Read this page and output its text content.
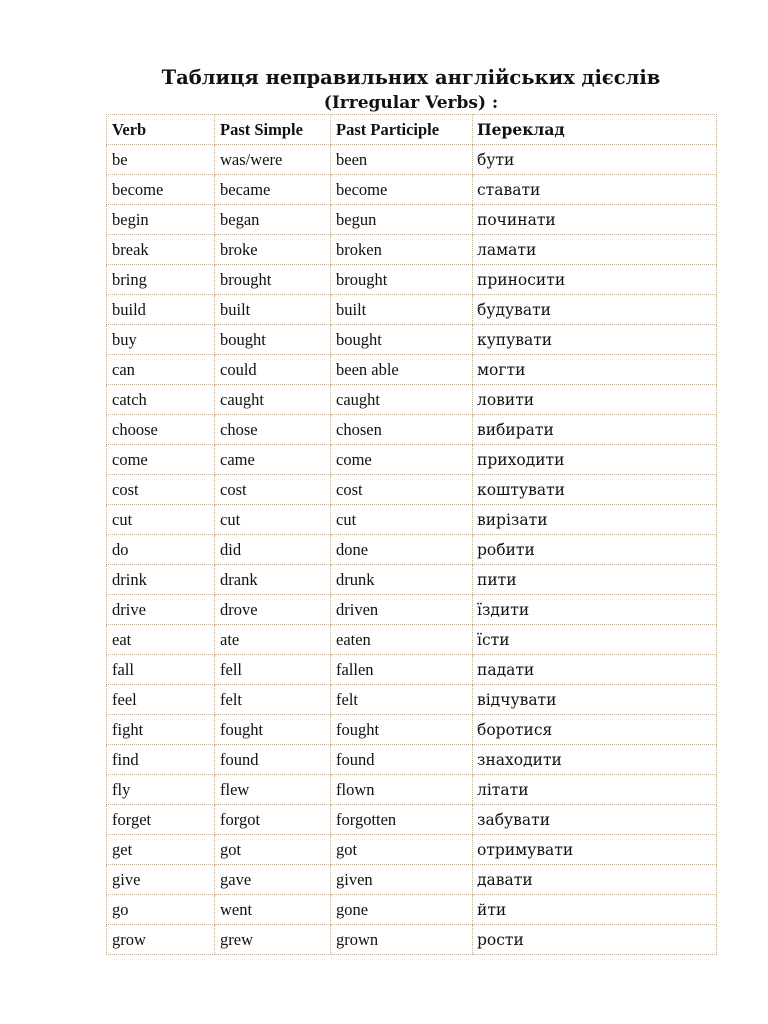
Таблиця неправильних англійських дієслів
(Irregular Verbs) :
Verb	Past Simple	Past Participle	Переклад
be	was/were	been	бути
become	became	become	ставати
begin	began	begun	починати
break	broke	broken	ламати
bring	brought	brought	приносити
build	built	built	будувати
buy	bought	bought	купувати
can	could	been able	могти
catch	caught	caught	ловити
choose	chose	chosen	вибирати
come	came	come	приходити
cost	cost	cost	коштувати
cut	cut	cut	вирізати
do	did	done	робити
drink	drank	drunk	пити
drive	drove	driven	їздити
eat	ate	eaten	їсти
fall	fell	fallen	падати
feel	felt	felt	відчувати
fight	fought	fought	боротися
find	found	found	знаходити
fly	flew	flown	літати
forget	forgot	forgotten	забувати
get	got	got	отримувати
give	gave	given	давати
go	went	gone	йти
grow	grew	grown	рости
